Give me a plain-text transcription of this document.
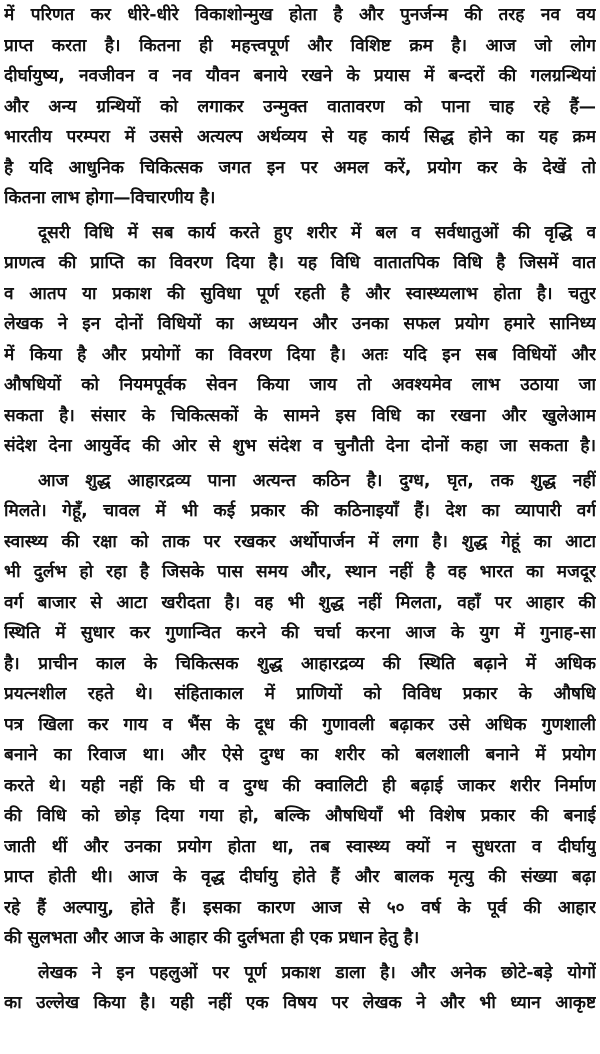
में परिणत कर धीरे-धीरे विकाशोन्मुख होता है और पुनर्जन्म की तरह नव वय
प्राप्त करता है। कितना ही महत्त्वपूर्ण और विशिष्ट क्रम है। आज जो लोग
दीर्घायुष्य, नवजीवन व नव यौवन बनाये रखने के प्रयास में बन्दरों की गलग्रन्थियां
और अन्य ग्रन्थियों को लगाकर उन्मुक्त वातावरण को पाना चाह रहे हैं—
भारतीय परम्परा में उससे अत्यल्प अर्थव्यय से यह कार्य सिद्ध होने का यह क्रम
है यदि आधुनिक चिकित्सक जगत इन पर अमल करें, प्रयोग कर के देखें तो
कितना लाभ होगा—विचारणीय है।
दूसरी विधि में सब कार्य करते हुए शरीर में बल व सर्वधातुओं की वृद्धि व
प्राणत्व की प्राप्ति का विवरण दिया है। यह विधि वातातपिक विधि है जिसमें वात
व आतप या प्रकाश की सुविधा पूर्ण रहती है और स्वास्थ्यलाभ होता है। चतुर
लेखक ने इन दोनों विधियों का अध्ययन और उनका सफल प्रयोग हमारे सानिध्य
में किया है और प्रयोगों का विवरण दिया है। अतः यदि इन सब विधियों और
औषधियों को नियमपूर्वक सेवन किया जाय तो अवश्यमेव लाभ उठाया जा
सकता है। संसार के चिकित्सकों के सामने इस विधि का रखना और खुलेआम
संदेश देना आयुर्वेद की ओर से शुभ संदेश व चुनौती देना दोनों कहा जा सकता है।
आज शुद्ध आहारद्रव्य पाना अत्यन्त कठिन है। दुग्ध, घृत, तक शुद्ध नहीं
मिलते। गेहूँ, चावल में भी कई प्रकार की कठिनाइयाँ हैं। देश का व्यापारी वर्ग
स्वास्थ्य की रक्षा को ताक पर रखकर अर्थोपार्जन में लगा है। शुद्ध गेहूं का आटा
भी दुर्लभ हो रहा है जिसके पास समय और, स्थान नहीं है वह भारत का मजदूर
वर्ग बाजार से आटा खरीदता है। वह भी शुद्ध नहीं मिलता, वहाँ पर आहार की
स्थिति में सुधार कर गुणान्वित करने की चर्चा करना आज के युग में गुनाह-सा
है। प्राचीन काल के चिकित्सक शुद्ध आहारद्रव्य की स्थिति बढ़ाने में अधिक
प्रयत्नशील रहते थे। संहिताकाल में प्राणियों को विविध प्रकार के औषधि
पत्र खिला कर गाय व भैंस के दूध की गुणावली बढ़ाकर उसे अधिक गुणशाली
बनाने का रिवाज था। और ऐसे दुग्ध का शरीर को बलशाली बनाने में प्रयोग
करते थे। यही नहीं कि घी व दुग्ध की क्वालिटी ही बढ़ाई जाकर शरीर निर्माण
की विधि को छोड़ दिया गया हो, बल्कि औषधियाँ भी विशेष प्रकार की बनाई
जाती थीं और उनका प्रयोग होता था, तब स्वास्थ्य क्यों न सुधरता व दीर्घायु
प्राप्त होती थी। आज के वृद्ध दीर्घायु होते हैं और बालक मृत्यु की संख्या बढ़ा
रहे हैं अल्पायु, होते हैं। इसका कारण आज से ५० वर्ष के पूर्व की आहार
की सुलभता और आज के आहार की दुर्लभता ही एक प्रधान हेतु है।
लेखक ने इन पहलुओं पर पूर्ण प्रकाश डाला है। और अनेक छोटे-बड़े योगों
का उल्लेख किया है। यही नहीं एक विषय पर लेखक ने और भी ध्यान आकृष्ट
